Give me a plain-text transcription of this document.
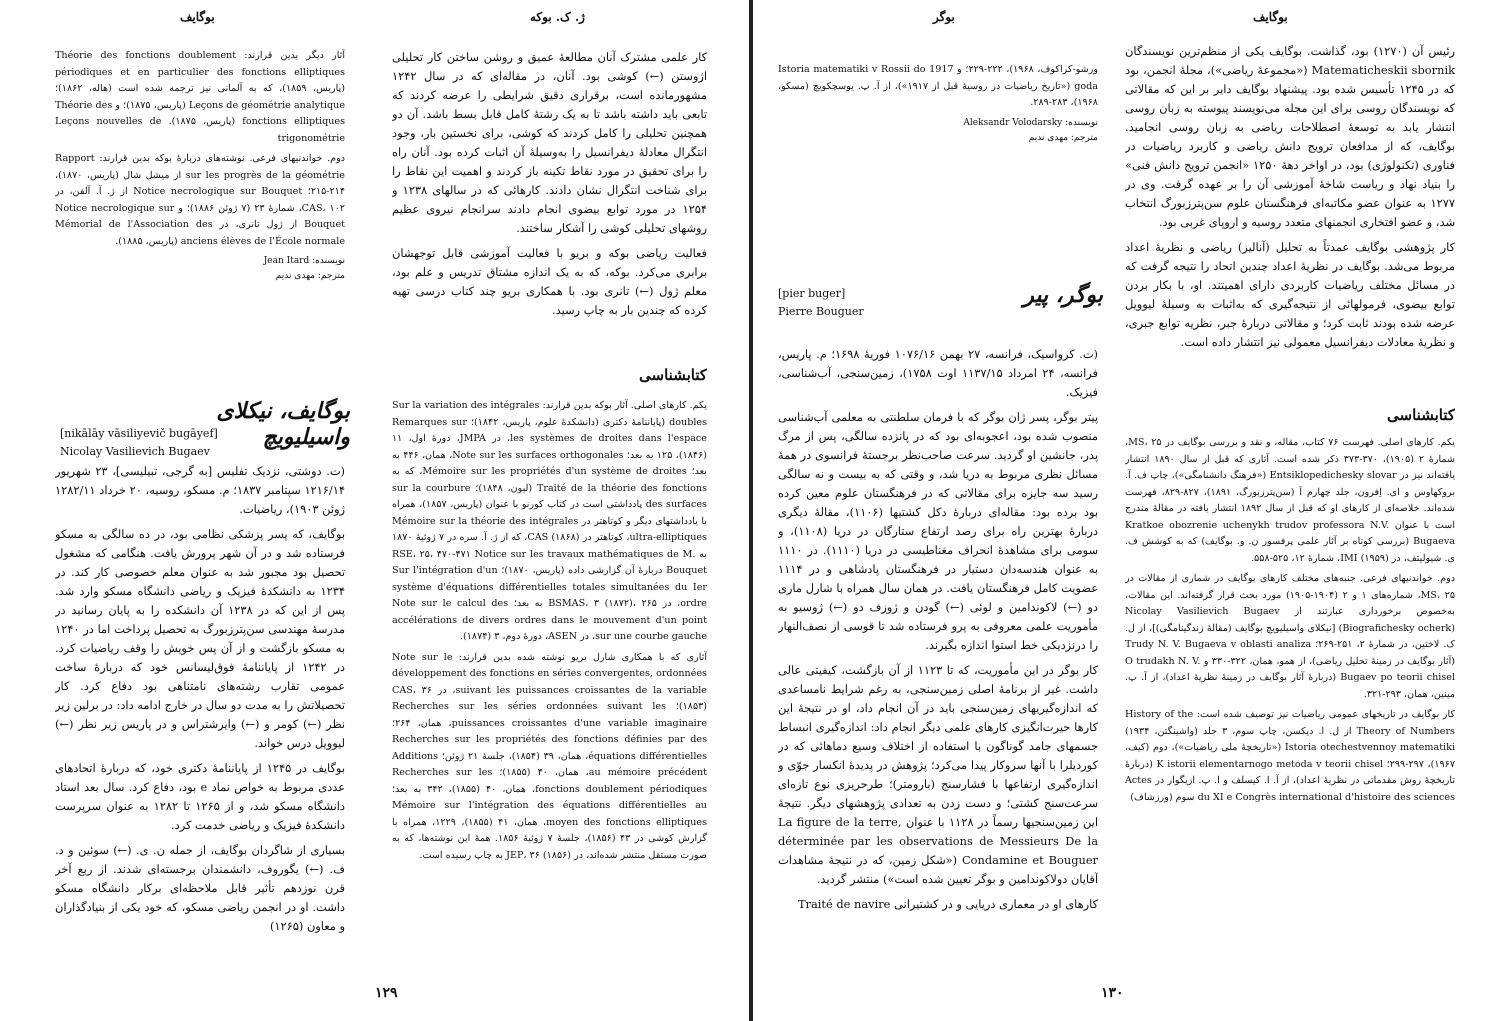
بوگایف	ژ. ک. بوکه

آثار دیگر بدین قرارند: Théorie des fonctions doublement périodiques et en particulier des fonctions elliptiques (پاریس، ۱۸۵۹)، که به آلمانی نیز ترجمه شده است (هاله، ۱۸۶۲)؛ Leçons de géométrie analytique (پاریس، ۱۸۷۵)؛ و Théorie des fonctions elliptiques (پاریس، ۱۸۷۵). Leçons nouvelles de trigonométrie

دوم. خواندنیهای فرعی. نوشته‌های دربارهٔ بوکه بدین قرارند: Rapport sur les progrès de la géométrie از میشل شال (پاریس، ۱۸۷۰)، ۲۱۴-۲۱۵؛ Notice necrologique sur Bouquet از ژ. آ. آلفن، در CAS، ۱۰۲، شمارهٔ ۲۳ (۷ ژوئن ۱۸۸۶)؛ و Notice necrologique sur Bouquet از ژول تانری، در Mémorial de l'Association des anciens élèves de l'École normale (پاریس، ۱۸۸۵).

نویسنده: Jean Itard
مترجم: مهدی ندیم

کار علمی مشترک آنان مطالعهٔ عمیق و روشن ساختن کار تحلیلی اژوستن (←) کوشی بود. آنان، در مقاله‌ای که در سال ۱۲۴۲ مشهورمانده است، برقراری دقیق شرایطی را عرضه کردند که تابعی باید داشته باشد تا به یک رشتهٔ کامل قابل بسط باشد. آن دو همچنین تحلیلی را کامل کردند که کوشی، برای نخستین بار، وجود انتگرال معادلهٔ دیفرانسیل را به‌وسیلهٔ آن اثبات کرده بود. آنان راه را برای تحقیق در مورد نقاط تکینه باز کردند و اهمیت این نقاط را برای شناخت انتگرال نشان دادند. کارهائی که در سالهای ۱۲۳۸ و ۱۲۵۴ در مورد توابع بیضوی انجام دادند سرانجام نیروی عظیم روشهای تحلیلی کوشی را آشکار ساختند.

فعالیت ریاضی بوکه و بریو با فعالیت آموزشی قابل توجهشان برابری می‌کرد. بوکه، که به یک اندازه مشتاق تدریس و علم بود، معلم ژول (←) تانری بود. با همکاری بریو چند کتاب درسی تهیه کرده که چندین بار به چاپ رسید.

کتابشناسی
بوگایف، نیکلای واسیلیویچ
[nikālāy vāsiliyevič bugāyef]
Nicolay Vasilievich Bugaev

(ت. دوشتی، نزدیک تفلیس [به گرجی، تبیلیسی]، ۲۳ شهریور ۱۲۱۶/۱۴ سپتامبر ۱۸۳۷؛ م. مسکو، روسیه، ۲۰ خرداد ۱۲۸۲/۱۱ ژوئن ۱۹۰۳)، ریاضیات.

بوگایف، که پسر پزشکی نظامی بود، در ده سالگی به مسکو فرستاده شد و در آن شهر پرورش یافت. هنگامی که مشغول تحصیل بود مجبور شد به عنوان معلم خصوصی کار کند. در ۱۲۳۴ به دانشکدهٔ فیزیک و ریاضی دانشگاه مسکو وارد شد. پس از این که در ۱۲۳۸ آن دانشکده را به پایان رسانید در مدرسهٔ مهندسی سن‌پترزبورگ به تحصیل پرداخت اما در ۱۲۴۰ به مسکو بازگشت و از آن پس خویش را وقف ریاضیات کرد. در ۱۲۴۲ از پایاننامهٔ فوق‌لیسانس خود که دربارهٔ ساخت عمومی تقارب رشته‌های نامتناهی بود دفاع کرد. کار تحصیلاتش را به مدت دو سال در خارج ادامه داد: در برلین زیر نظر (←) کومر و (←) وایرشتراس و در پاریس زیر نظر (←) لیوویل درس خواند.

بوگایف در ۱۲۴۵ از پایاننامهٔ دکتری خود، که دربارهٔ اتحادهای عددی مربوط به خواص نماد e بود، دفاع کرد. سال بعد استاد دانشگاه مسکو شد، و از ۱۲۶۵ تا ۱۲۸۲ به عنوان سرپرست دانشکدهٔ فیزیک و ریاضی خدمت کرد.

بسیاری از شاگردان بوگایف، از جمله ن. ی. (←) سوئین و د. ف. (←) یگوروف، دانشمندان برجسته‌ای شدند. از ربع آخر قرن نوزدهم تأثیر قابل ملاحظه‌ای برکار دانشگاه مسکو داشت. او در انجمن ریاضی مسکو، که خود یکی از بنیادگذاران و معاون (۱۲۶۵)

یکم. کارهای اصلی. آثار بوکه بدین قرارند: Sur la variation des intégrales doubles (پایاننامهٔ دکتری (دانشکدهٔ علوم، پاریس، ۱۸۴۲)؛ Remarques sur les systèmes de droites dans l'espace، در JMPA، دورهٔ اول، ۱۱ (۱۸۴۶)، ۱۲۵ به بعد؛ Note sur les surfaces orthogonales، همان، ۴۴۶ به بعد؛ Mémoire sur les propriétés d'un système de droites، که به Traité de la théorie des fonctions (لیون، ۱۸۴۸)؛ sur la courbure des surfaces پادداشتی است در کتاب کورنو با عنوان (پاریس، ۱۸۵۷)، همراه با یادداشتهای دیگر و کوتاهتر در Mémoire sur la théorie des intégrales ultra-elliptiques، کوتاهتر در CAS (۱۸۶۸)، که از ژ. آ. سره در ۷ ژوئیهٔ ۱۸۷۰ به RSE، ۲۵، ۴۷۰-۴۷۱ Notice sur les travaux mathématiques de M. Bouquet دربارهٔ آن گزارشی داده (پاریس، ۱۸۷۰)؛ Sur l'intégration d'un système d'équations différentielles totales simultanées du Ier ordre، در BSMAS، ۳ (۱۸۷۲)، ۲۶۵ به بعد؛ Note sur le calcul des accélérations de divers ordres dans le mouvement d'un point sur une courbe gauche، در ASEN، دورهٔ دوم، ۳ (۱۸۷۴).

آثاری که با همکاری شارل بریو نوشته شده بدین قرارند: Note sur le développement des fonctions en séries convergentes, ordonnées suivant les puissances croissantes de la variable، در CAS، ۳۶ (۱۸۵۳)؛ Recherches sur les séries ordonnées suivant les puissances croissantes d'une variable imaginaire، همان، ۲۶۴؛ Recherches sur les propriétés des fonctions définies par des équations différentielles، همان، ۳۹ (۱۸۵۴)، جلسهٔ ۲۱ ژوئن؛ Additions au mémoire précédent، همان، ۴۰ (۱۸۵۵)؛ Recherches sur les fonctions doublement périodiques، همان، ۴۰ (۱۸۵۵)، ۳۴۲ به بعد؛ Mémoire sur l'intégration des équations différentielles au moyen des fonctions elliptiques، همان، ۴۱ (۱۸۵۵)، ۱۲۲۹، همراه با گزارش کوشی در ۴۳ (۱۸۵۶)، جلسهٔ ۷ ژوئیهٔ ۱۸۵۶. همهٔ این نوشته‌ها، که به صورت مستقل منتشر شده‌اند، در JEP، ۳۶ (۱۸۵۶) به چاپ رسیده است.

۱۲۹
بوگر	بوگایف

رئیس آن (۱۲۷۰) بود، گذاشت. بوگایف یکی از منظم‌ترین نویسندگان Matematicheskii sbornik («مجموعهٔ ریاضی»)، مجلهٔ انجمن، بود که در ۱۲۴۵ تأسیس شده بود. پیشنهاد بوگایف دایر بر این که مقالاتی که نویسندگان روسی برای این مجله می‌نویسند پیوسته به زبان روسی انتشار یابد به توسعهٔ اصطلاحات ریاضی به زبان روسی انجامید. بوگایف، که از مدافعان ترویج دانش ریاضی و کاربرد ریاضیات در فناوری (تکنولوژی) بود، در اواخر دههٔ ۱۲۵۰ «انجمن ترویج دانش فنی» را بنیاد نهاد و ریاست شاخهٔ آموزشی آن را بر عهده گرفت. وی در ۱۲۷۷ به عنوان عضو مکاتبه‌ای فرهنگستان علوم سن‌پترزبورگ انتخاب شد، و عضو افتخاری انجمنهای متعدد روسیه و اروپای غربی بود.

کار پژوهشی بوگایف عمدتاً به تحلیل (آنالیز) ریاضی و نظریهٔ اعداد مربوط می‌شد. بوگایف در نظریهٔ اعداد چندین اتحاد را نتیجه گرفت که در مسائل مختلف ریاضیات کاربردی دارای اهمیتند. او، با بکار بردن توابع بیضوی، فرمولهائی از نتیجه‌گیری که به‌اثبات به وسیلهٔ لیوویل عرضه شده بودند ثابت کرد؛ و مقالاتی دربارهٔ جبر، نظریه توابع جبری، و نظریهٔ معادلات دیفرانسیل معمولی نیز انتشار داده است.

کتابشناسی

یکم. کارهای اصلی. فهرست ۷۶ کتاب، مقاله، و نقد و بررسی بوگایف در MS، ۲۵، شمارهٔ ۲ (۱۹۰۵)، ۳۷۰-۳۷۳ ذکر شده است. آثاری که قبل از سال ۱۸۹۰ انتشار یافته‌اند نیز در Entsiklopedichesky slovar («فرهنگ دانشنامگی»)، چاپ ف. آ. بروکهاوس و ای. اِفرون، جلد چهارم آ (سن‌پترزبورگ، ۱۸۹۱)، ۸۲۷-۸۲۹، فهرست شده‌اند. خلاصه‌ای از کارهای او که قبل از سال ۱۸۹۲ انتشار یافته در مقالهٔ مندرج است با عنوان Kratkoe obozrenie uchenykh trudov professora N.V. Bugaeva (بررسی کوتاه بر آثار علمی پرفسور ن. و. بوگایف) که به کوشش ف. ی. شیولیتف، در IMI (۱۹۵۹)، شمارهٔ ۱۲، ۵۲۵-۵۵۸.

دوم. خواندنیهای فرعی. جنبه‌های مختلف کارهای بوگایف در شماری از مقالات در MS، ۲۵، شماره‌های ۱ و ۲ (۱۹۰۴-۱۹۰۵) مورد بحث قرار گرفته‌اند. این مقالات، به‌خصوص برخورداری عبارتند از Nicolay Vasilievich Bugaev (Biografichesky ocherk) [نیکلای واسیلیویچ بوگایف (مقالهٔ زندگینامگی)]، از ل. ک. لاختین، در شمارهٔ ۲، ۲۵۱-۲۶۹؛ Trudy N. V. Bugaeva v oblasti analiza (آثار بوگایف در زمینهٔ تحلیل ریاضی)، از همو، همان، ۳۲۲-۳۳۰ و O trudakh N. V. Bugaev po teorii chisel (دربارهٔ آثار بوگایف در زمینهٔ نظریهٔ اعداد)، از آ. پ. مینین، همان، ۲۹۳-۳۲۱.

کار بوگایف در تاریخهای عمومی ریاضیات نیز توصیف شده است: History of the Theory of Numbers از ل. ا. دیکسن، چاپ سوم، ۳ جلد (واشینگتن، ۱۹۳۴) Istoria otechestvennoy matematiki («تاریخچهٔ ملی ریاضیات»)، دوم (کیف، ۱۹۶۷)، ۲۹۷-۲۹۹؛ K istorii elementarnogo metoda v teorii chisel (دربارهٔ تاریخچهٔ روش مقدماتی در نظریهٔ اعداد)، از آ. ا. کیسلف و ا. پ. ازیگوار در Actes du XI e Congrès international d'histoire des sciences سوم (ورزشاف)

ورشو-کراکوف، ۱۹۶۸)، ۲۲۲-۲۲۹؛ و Istoria matematiki v Rossii do 1917 goda («تاریخ ریاضیات در روسیهٔ قبل از ۱۹۱۷»)، از آ. پ. یوسچکویچ (مسکو، ۱۹۶۸)، ۲۸۳-۲۸۹.

نویسنده: Aleksandr Volodarsky
مترجم: مهدی ندیم
بوگر، پیر
[pier buger]
Pierre Bouguer

(ت. کرواسیک، فرانسه، ۲۷ بهمن ۱۰۷۶/۱۶ فوریهٔ ۱۶۹۸؛ م. پاریس، فرانسه، ۲۴ امرداد ۱۱۳۷/۱۵ اوت ۱۷۵۸)، زمین‌سنجی، آب‌شناسی، فیزیک.

پیتر بوگر، پسر ژان بوگر که با فرمان سلطنتی به معلمی آب‌شناسی منصوب شده بود، اعجوبه‌ای بود که در پانزده سالگی، پس از مرگ پدر، جانشین او گردید. سرعت صاحب‌نظر برجستهٔ فرانسوی در همهٔ مسائل نظری مربوط به دریا شد، و وقتی که به بیست و نه سالگی رسید سه جایزه برای مقالاتی که در فرهنگستان علوم معین کرده بود برده بود: مقاله‌ای دربارهٔ دکل کشتیها (۱۱۰۶)، مقالهٔ دیگری دربارهٔ بهترین راه برای رصد ارتفاع ستارگان در دریا (۱۱۰۸)، و سومی برای مشاهدهٔ انحراف مغناطیسی در دریا (۱۱۱۰). در ۱۱۱۰ به عنوان هندسه‌دان دستیار در فرهنگستان پادشاهی و در ۱۱۱۴ عضویت کامل فرهنگستان یافت. در همان سال همراه با شارل ماری دو (←) لاکوندامین و لوئی (←) گودن و ژوزف دو (←) ژوسیو به مأموریت علمی معروفی به پرو فرستاده شد تا قوسی از نصف‌النهار را درنزدیکی خط استوا اندازه بگیرند.

کار بوگر در این مأموریت، که تا ۱۱۲۳ از آن بازگشت، کیفیتی عالی داشت. غیر از برنامهٔ اصلی زمین‌سنجی، به رغم شرایط نامساعدی که اندازه‌گیریهای زمین‌سنجی باید در آن انجام داد، او در نتیجهٔ این کارها حیرت‌انگیزی کارهای علمی دیگر انجام داد: اندازه‌گیری انبساط جسمهای جامد گوناگون با استفاده از اختلاف وسیع دماهائی که در کوردیلرا با آنها سروکار پیدا می‌کرد؛ پژوهش در پدیدهٔ انکسار جوّی و اندازه‌گیری ارتفاعها با فشارسنج (بارومتر)؛ طرحریزی نوع تازه‌ای سرعت‌سنج کشتی؛ و دست زدن به تعدادی پژوهشهای دیگر. نتیجهٔ این زمین‌سنجیها رسماً در ۱۱۲۸ با عنوان La figure de la terre, déterminée par les observations de Messieurs De la Condamine et Bouguer («شکل زمین، که در نتیجهٔ مشاهدات آقایان دولاکوندامین و بوگر تعیین شده است») منتشر گردید.

کارهای او در معماری دریایی و در کشتیرانی Traité de navire

۱۳۰
